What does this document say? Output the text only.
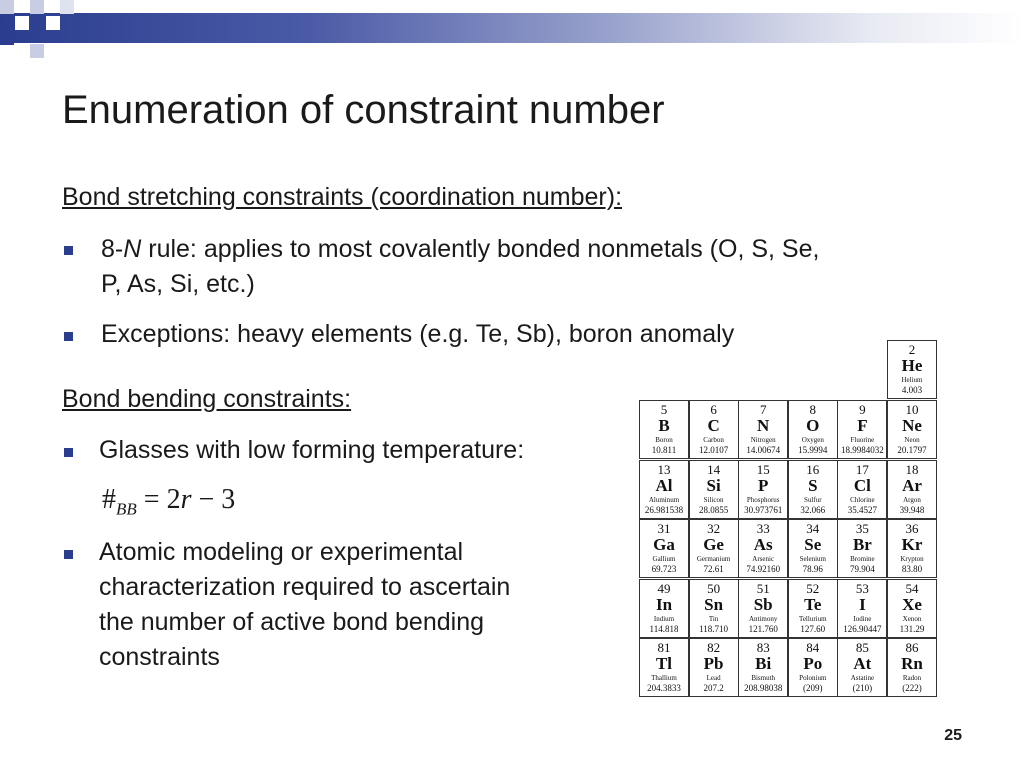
Enumeration of constraint number
Bond stretching constraints (coordination number):
8-N rule: applies to most covalently bonded nonmetals (O, S, Se,
P, As, Si, etc.)
Exceptions: heavy elements (e.g. Te, Sb), boron anomaly
Bond bending constraints:
Glasses with low forming temperature:
$\#_{BB} = 2r - 3$
Atomic modeling or experimental
characterization required to ascertain
the number of active bond bending
constraints
2
He
Helium
4.003
5
B
Boron
10.811
6
C
Carbon
12.0107
7
N
Nitrogen
14.00674
8
O
Oxygen
15.9994
9
F
Fluorine
18.9984032
10
Ne
Neon
20.1797
13
Al
Aluminum
26.981538
14
Si
Silicon
28.0855
15
P
Phosphorus
30.973761
16
S
Sulfur
32.066
17
Cl
Chlorine
35.4527
18
Ar
Argon
39.948
31
Ga
Gallium
69.723
32
Ge
Germanium
72.61
33
As
Arsenic
74.92160
34
Se
Selenium
78.96
35
Br
Bromine
79.904
36
Kr
Krypton
83.80
49
In
Indium
114.818
50
Sn
Tin
118.710
51
Sb
Antimony
121.760
52
Te
Tellurium
127.60
53
I
Iodine
126.90447
54
Xe
Xenon
131.29
81
Tl
Thallium
204.3833
82
Pb
Lead
207.2
83
Bi
Bismuth
208.98038
84
Po
Polonium
(209)
85
At
Astatine
(210)
86
Rn
Radon
(222)
25
